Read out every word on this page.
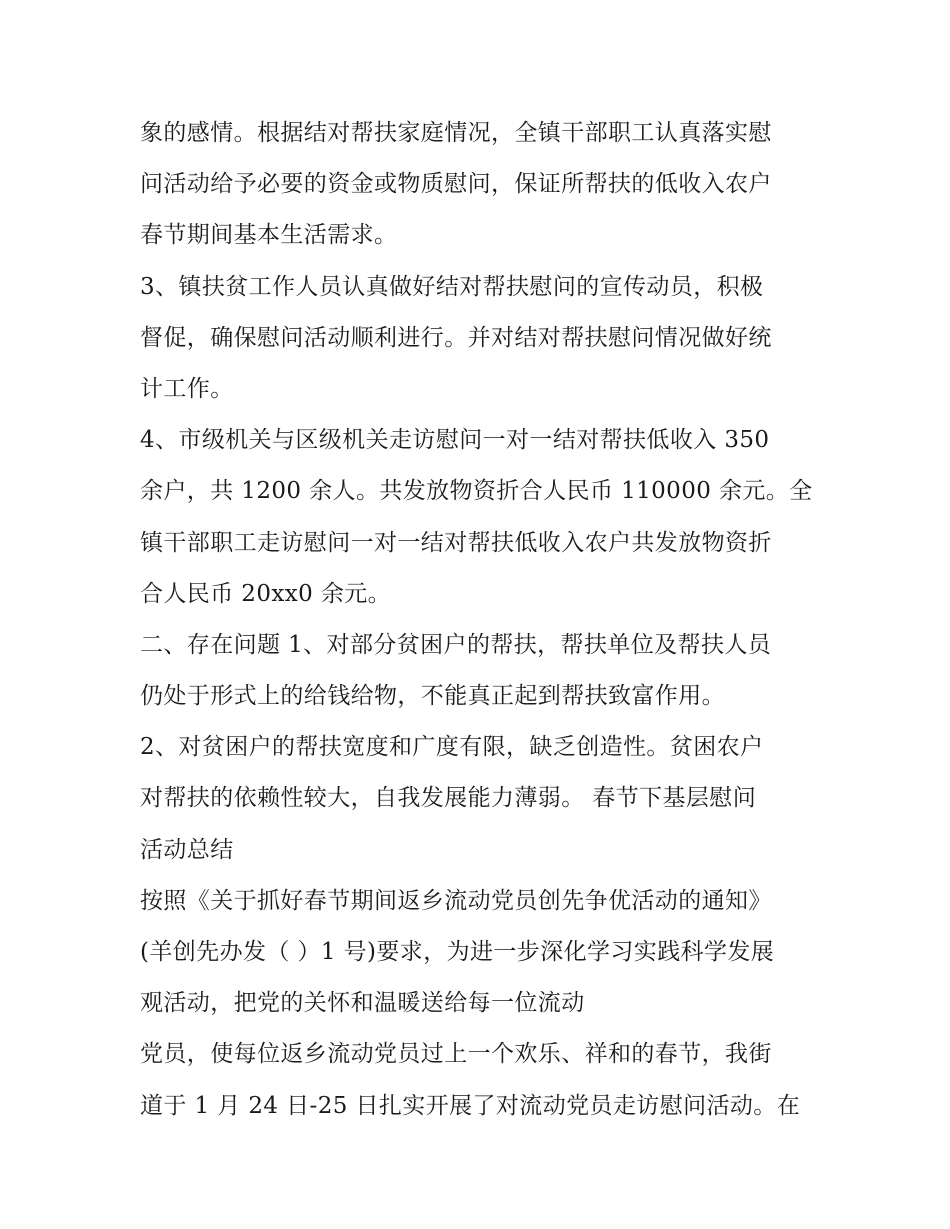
象的感情。根据结对帮扶家庭情况，全镇干部职工认真落实慰
问活动给予必要的资金或物质慰问，保证所帮扶的低收入农户
春节期间基本生活需求。
3、镇扶贫工作人员认真做好结对帮扶慰问的宣传动员，积极
督促，确保慰问活动顺利进行。并对结对帮扶慰问情况做好统
计工作。
4、市级机关与区级机关走访慰问一对一结对帮扶低收入 350
余户，共 1200 余人。共发放物资折合人民币 110000 余元。全
镇干部职工走访慰问一对一结对帮扶低收入农户共发放物资折
合人民币 20xx0 余元。
二、存在问题 1、对部分贫困户的帮扶，帮扶单位及帮扶人员
仍处于形式上的给钱给物，不能真正起到帮扶致富作用。
2、对贫困户的帮扶宽度和广度有限，缺乏创造性。贫困农户
对帮扶的依赖性较大，自我发展能力薄弱。 春节下基层慰问
活动总结
按照《关于抓好春节期间返乡流动党员创先争优活动的通知》
(羊创先办发（ ）1 号)要求，为进一步深化学习实践科学发展
观活动，把党的关怀和温暖送给每一位流动
党员，使每位返乡流动党员过上一个欢乐、祥和的春节，我街
道于 1 月 24 日-25 日扎实开展了对流动党员走访慰问活动。在
